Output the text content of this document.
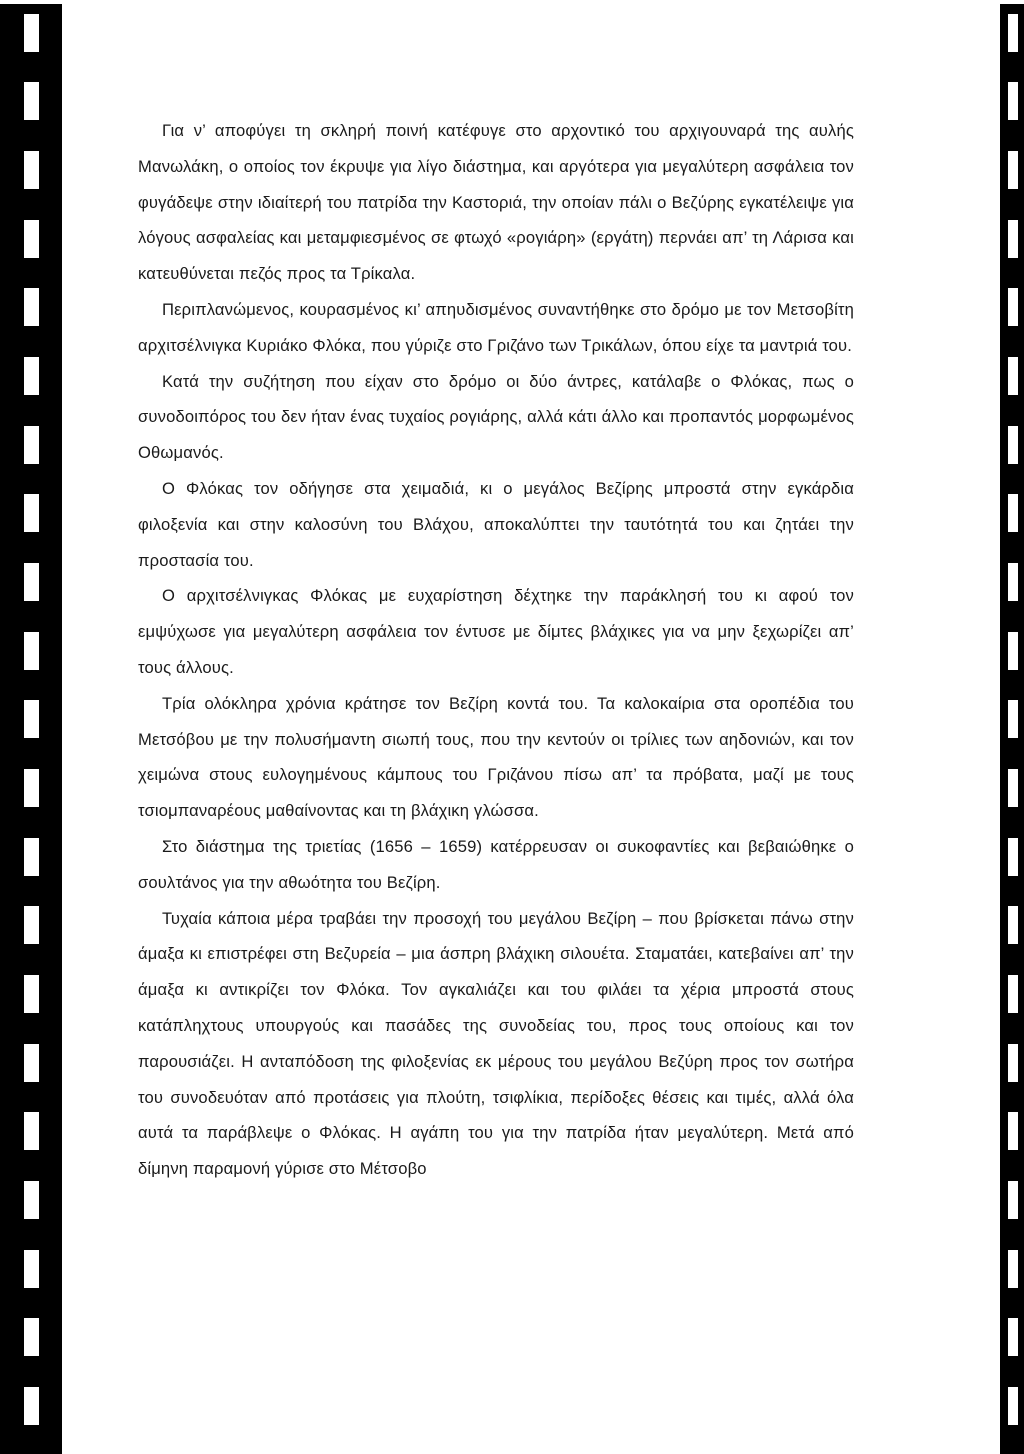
Για ν’ αποφύγει τη σκληρή ποινή κατέφυγε στο αρχοντικό του αρχιγουναρά της αυλής Μανωλάκη, ο οποίος τον έκρυψε για λίγο διάστημα, και αργότερα για μεγαλύτερη ασφάλεια τον φυγάδεψε στην ιδιαίτερή του πατρίδα την Καστοριά, την οποίαν πάλι ο Βεζύρης εγκατέλειψε για λόγους ασφαλείας και μεταμφιεσμένος σε φτωχό «ρογιάρη» (εργάτη) περνάει απ’ τη Λάρισα και κατευθύνεται πεζός προς τα Τρίκαλα.

Περιπλανώμενος, κουρασμένος κι’ απηυδισμένος συναντήθηκε στο δρόμο με τον Μετσοβίτη αρχιτσέλνιγκα Κυριάκο Φλόκα, που γύριζε στο Γριζάνο των Τρικάλων, όπου είχε τα μαντριά του.

Κατά την συζήτηση που είχαν στο δρόμο οι δύο άντρες, κατάλαβε ο Φλόκας, πως ο συνοδοιπόρος του δεν ήταν ένας τυχαίος ρογιάρης, αλλά κάτι άλλο και προπαντός μορφωμένος Οθωμανός.

Ο Φλόκας τον οδήγησε στα χειμαδιά, κι ο μεγάλος Βεζίρης μπροστά στην εγκάρδια φιλοξενία και στην καλοσύνη του Βλάχου, αποκαλύπτει την ταυτότητά του και ζητάει την προστασία του.

Ο αρχιτσέλνιγκας Φλόκας με ευχαρίστηση δέχτηκε την παράκλησή του κι αφού τον εμψύχωσε για μεγαλύτερη ασφάλεια τον έντυσε με δίμτες βλάχικες για να μην ξεχωρίζει απ’ τους άλλους.

Τρία ολόκληρα χρόνια κράτησε τον Βεζίρη κοντά του. Τα καλοκαίρια στα οροπέδια του Μετσόβου με την πολυσήμαντη σιωπή τους, που την κεντούν οι τρίλιες των αηδονιών, και τον χειμώνα στους ευλογημένους κάμπους του Γριζάνου πίσω απ’ τα πρόβατα, μαζί με τους τσιομπαναρέους μαθαίνοντας και τη βλάχικη γλώσσα.

Στο διάστημα της τριετίας (1656 – 1659) κατέρρευσαν οι συκοφαντίες και βεβαιώθηκε ο σουλτάνος για την αθωότητα του Βεζίρη.

Τυχαία κάποια μέρα τραβάει την προσοχή του μεγάλου Βεζίρη – που βρίσκεται πάνω στην άμαξα κι επιστρέφει στη Βεζυρεία – μια άσπρη βλάχικη σιλουέτα. Σταματάει, κατεβαίνει απ’ την άμαξα κι αντικρίζει τον Φλόκα. Τον αγκαλιάζει και του φιλάει τα χέρια μπροστά στους κατάπληχτους υπουργούς και πασάδες της συνοδείας του, προς τους οποίους και τον παρουσιάζει. Η ανταπόδοση της φιλοξενίας εκ μέρους του μεγάλου Βεζύρη προς τον σωτήρα του συνοδευόταν από προτάσεις για πλούτη, τσιφλίκια, περίδοξες θέσεις και τιμές, αλλά όλα αυτά τα παράβλεψε ο Φλόκας. Η αγάπη του για την πατρίδα ήταν μεγαλύτερη. Μετά από δίμηνη παραμονή γύρισε στο Μέτσοβο
